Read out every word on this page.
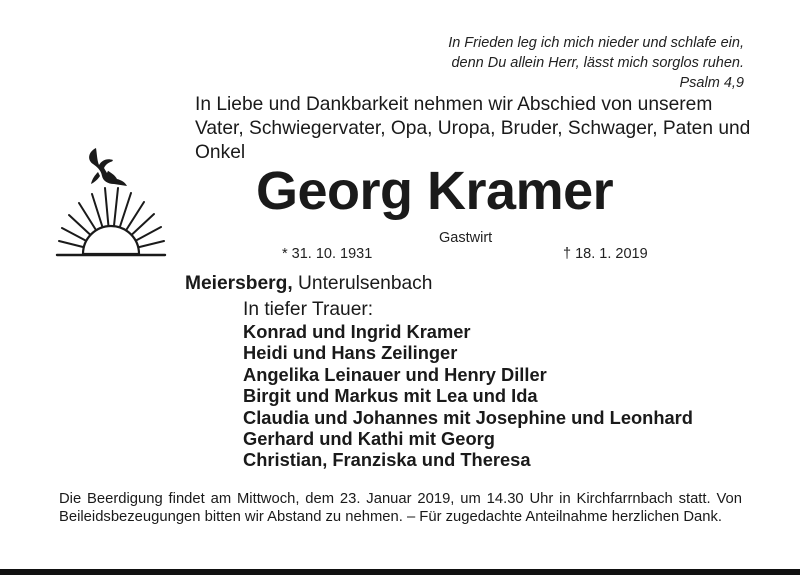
In Frieden leg ich mich nieder und schlafe ein,
denn Du allein Herr, lässt mich sorglos ruhen.
Psalm 4,9
In Liebe und Dankbarkeit nehmen wir Abschied von unserem Vater, Schwiegervater, Opa, Uropa, Bruder, Schwager, Paten und Onkel
Georg Kramer
Gastwirt
* 31. 10. 1931	† 18. 1. 2019
Meiersberg, Unterulsenbach
In tiefer Trauer:
Konrad und Ingrid Kramer
Heidi und Hans Zeilinger
Angelika Leinauer und Henry Diller
Birgit und Markus mit Lea und Ida
Claudia und Johannes mit Josephine und Leonhard
Gerhard und Kathi mit Georg
Christian, Franziska und Theresa
Die Beerdigung findet am Mittwoch, dem 23. Januar 2019, um 14.30 Uhr in Kirchfarrnbach statt. Von Beileidsbezeugungen bitten wir Abstand zu nehmen. – Für zugedachte Anteilnahme herzlichen Dank.
